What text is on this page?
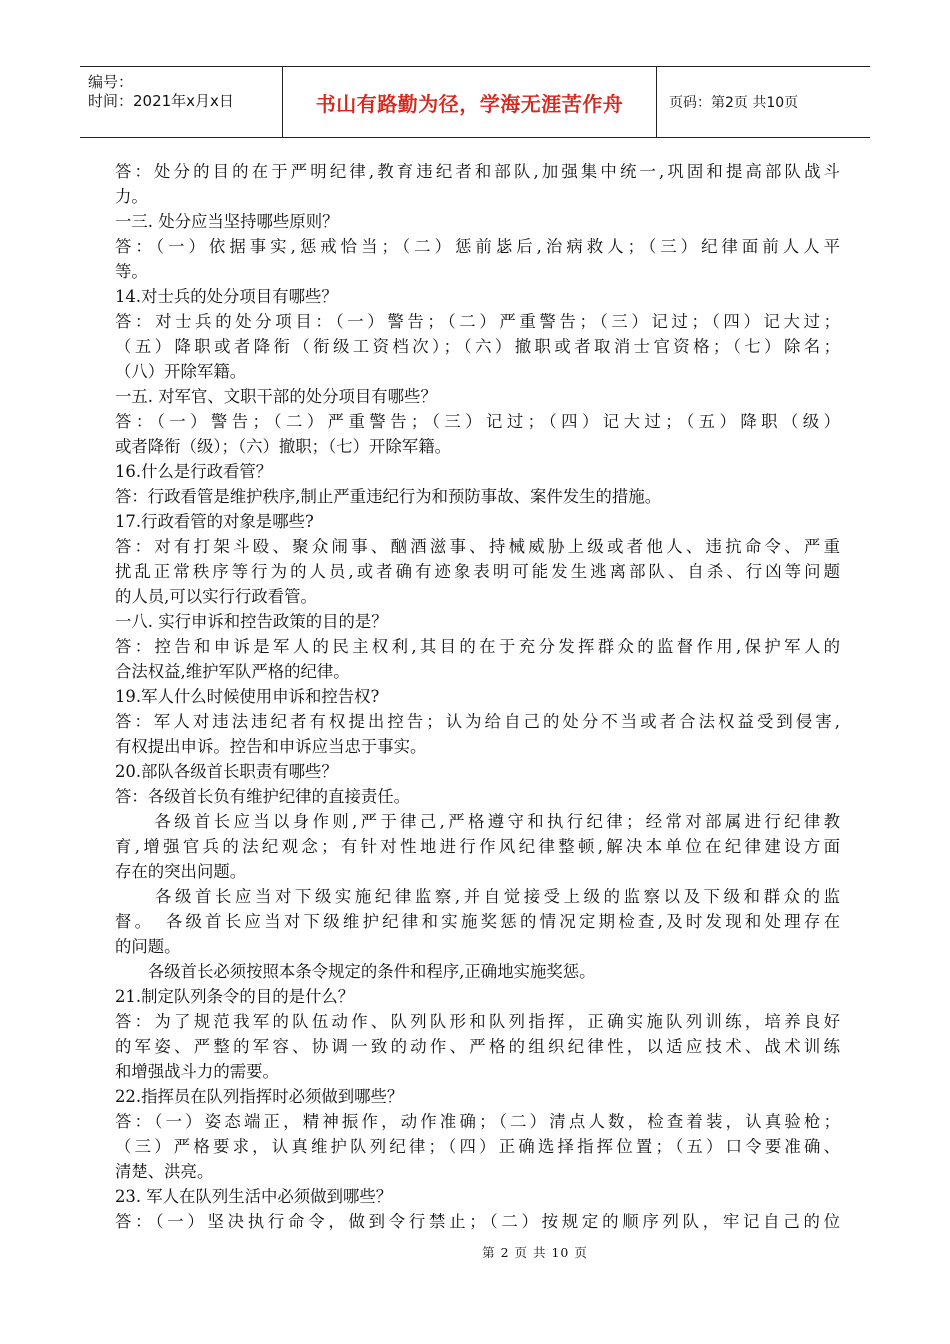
编号：
时间：2021年x月x日	书山有路勤为径，学海无涯苦作舟	页码：第2页 共10页
答：处分的目的在于严明纪律,教育违纪者和部队,加强集中统一,巩固和提高部队战斗
力。
一三. 处分应当坚持哪些原则？
答：（一）依据事实,惩戒恰当；（二）惩前毖后,治病救人；（三）纪律面前人人平
等。
14.对士兵的处分项目有哪些？
答：对士兵的处分项目：（一）警告；（二）严重警告；（三）记过；（四）记大过；
（五）降职或者降衔（衔级工资档次）；（六）撤职或者取消士官资格；（七）除名；
（八）开除军籍。
一五. 对军官、文职干部的处分项目有哪些？
答：（一）警告；（二）严重警告；（三）记过；（四）记大过；（五）降职（级）
或者降衔（级）；（六）撤职；（七）开除军籍。
16.什么是行政看管？
答：行政看管是维护秩序,制止严重违纪行为和预防事故、案件发生的措施。
17.行政看管的对象是哪些?
答：对有打架斗殴、聚众闹事、酗酒滋事、持械威胁上级或者他人、违抗命令、严重
扰乱正常秩序等行为的人员,或者确有迹象表明可能发生逃离部队、自杀、行凶等问题
的人员,可以实行行政看管。
一八. 实行申诉和控告政策的目的是？
答：控告和申诉是军人的民主权利,其目的在于充分发挥群众的监督作用,保护军人的
合法权益,维护军队严格的纪律。
19.军人什么时候使用申诉和控告权?
答：军人对违法违纪者有权提出控告；认为给自己的处分不当或者合法权益受到侵害,
有权提出申诉。控告和申诉应当忠于事实。
20.部队各级首长职责有哪些？
答：各级首长负有维护纪律的直接责任。
　　各级首长应当以身作则,严于律己,严格遵守和执行纪律；经常对部属进行纪律教
育,增强官兵的法纪观念；有针对性地进行作风纪律整顿,解决本单位在纪律建设方面
存在的突出问题。
　　各级首长应当对下级实施纪律监察,并自觉接受上级的监察以及下级和群众的监
督。　各级首长应当对下级维护纪律和实施奖惩的情况定期检查,及时发现和处理存在
的问题。
　　各级首长必须按照本条令规定的条件和程序,正确地实施奖惩。
21.制定队列条令的目的是什么？
答：为了规范我军的队伍动作、队列队形和队列指挥，正确实施队列训练，培养良好
的军姿、严整的军容、协调一致的动作、严格的组织纪律性，以适应技术、战术训练
和增强战斗力的需要。
22.指挥员在队列指挥时必须做到哪些？
答：（一）姿态端正，精神振作，动作准确；（二）清点人数，检查着装，认真验枪；
（三）严格要求，认真维护队列纪律；（四）正确选择指挥位置；（五）口令要准确、
清楚、洪亮。
23. 军人在队列生活中必须做到哪些？
答：（一）坚决执行命令，做到令行禁止；（二）按规定的顺序列队，牢记自己的位
第 2 页 共 10 页
